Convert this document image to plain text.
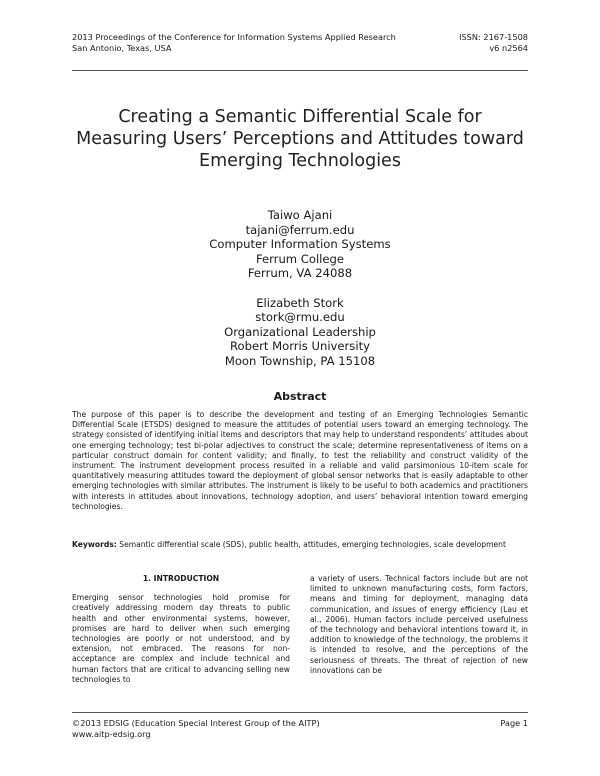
2013 Proceedings of the Conference for Information Systems Applied Research
San Antonio, Texas, USA
ISSN: 2167-1508
v6 n2564
Creating a Semantic Differential Scale for
Measuring Users’ Perceptions and Attitudes toward
Emerging Technologies
Taiwo Ajani
tajani@ferrum.edu
Computer Information Systems
Ferrum College
Ferrum, VA 24088
Elizabeth Stork
stork@rmu.edu
Organizational Leadership
Robert Morris University
Moon Township, PA 15108
Abstract
The purpose of this paper is to describe the development and testing of an Emerging Technologies Semantic Differential Scale (ETSDS) designed to measure the attitudes of potential users toward an emerging technology. The strategy consisted of identifying initial items and descriptors that may help to understand respondents’ attitudes about one emerging technology; test bi-polar adjectives to construct the scale; determine representativeness of items on a particular construct domain for content validity; and finally, to test the reliability and construct validity of the instrument. The instrument development process resulted in a reliable and valid parsimonious 10-item scale for quantitatively measuring attitudes toward the deployment of global sensor networks that is easily adaptable to other emerging technologies with similar attributes. The instrument is likely to be useful to both academics and practitioners with interests in attitudes about innovations, technology adoption, and users’ behavioral intention toward emerging technologies.
Keywords: Semantic differential scale (SDS), public health, attitudes, emerging technologies, scale development
1. INTRODUCTION
Emerging sensor technologies hold promise for creatively addressing modern day threats to public health and other environmental systems, however, promises are hard to deliver when such emerging technologies are poorly or not understood, and by extension, not embraced. The reasons for non-acceptance are complex and include technical and human factors that are critical to advancing selling new technologies to
a variety of users. Technical factors include but are not limited to unknown manufacturing costs, form factors, means and timing for deployment, managing data communication, and issues of energy efficiency (Lau et al., 2006). Human factors include perceived usefulness of the technology and behavioral intentions toward it, in addition to knowledge of the technology, the problems it is intended to resolve, and the perceptions of the seriousness of threats. The threat of rejection of new innovations can be
©2013 EDSIG (Education Special Interest Group of the AITP)
www.aitp-edsig.org
Page 1
